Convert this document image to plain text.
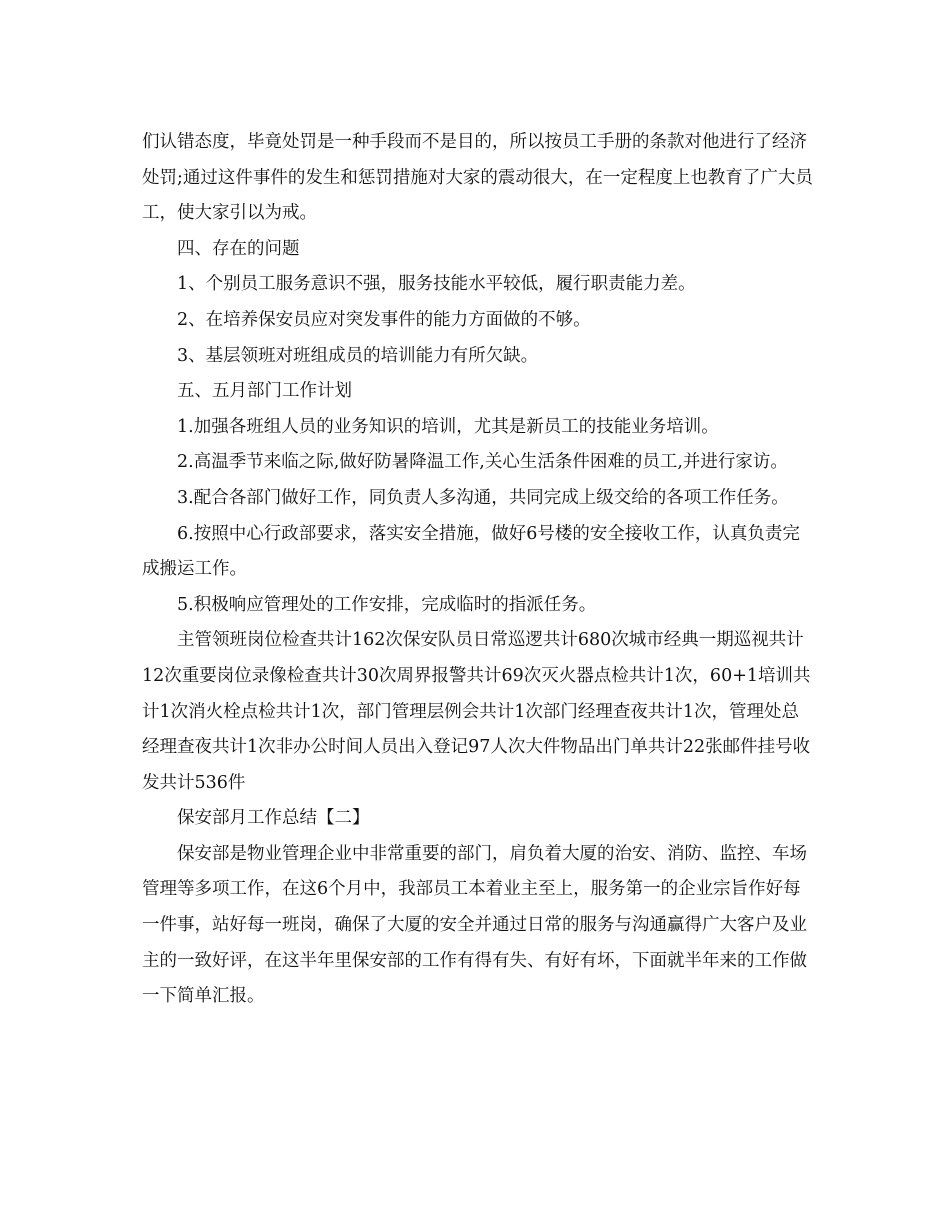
们认错态度，毕竟处罚是一种手段而不是目的，所以按员工手册的条款对他进行了经济处罚;通过这件事件的发生和惩罚措施对大家的震动很大，在一定程度上也教育了广大员工，使大家引以为戒。

四、存在的问题

1、个别员工服务意识不强，服务技能水平较低，履行职责能力差。

2、在培养保安员应对突发事件的能力方面做的不够。

3、基层领班对班组成员的培训能力有所欠缺。

五、五月部门工作计划

1.加强各班组人员的业务知识的培训，尤其是新员工的技能业务培训。

2.高温季节来临之际,做好防暑降温工作,关心生活条件困难的员工,并进行家访。

3.配合各部门做好工作，同负责人多沟通，共同完成上级交给的各项工作任务。

6.按照中心行政部要求，落实安全措施，做好6号楼的安全接收工作，认真负责完成搬运工作。

5.积极响应管理处的工作安排，完成临时的指派任务。

主管领班岗位检查共计162次保安队员日常巡逻共计680次城市经典一期巡视共计12次重要岗位录像检查共计30次周界报警共计69次灭火器点检共计1次，60+1培训共计1次消火栓点检共计1次，部门管理层例会共计1次部门经理查夜共计1次，管理处总经理查夜共计1次非办公时间人员出入登记97人次大件物品出门单共计22张邮件挂号收发共计536件

保安部月工作总结【二】

保安部是物业管理企业中非常重要的部门，肩负着大厦的治安、消防、监控、车场管理等多项工作，在这6个月中，我部员工本着业主至上，服务第一的企业宗旨作好每一件事，站好每一班岗，确保了大厦的安全并通过日常的服务与沟通赢得广大客户及业主的一致好评，在这半年里保安部的工作有得有失、有好有坏，下面就半年来的工作做一下简单汇报。
